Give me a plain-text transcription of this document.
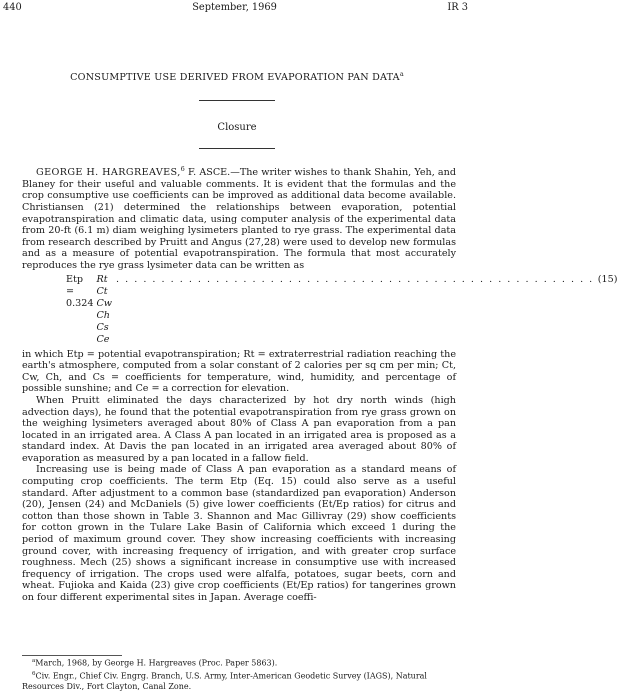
440	September, 1969	IR 3
CONSUMPTIVE USE DERIVED FROM EVAPORATION PAN DATA$^a$
Closure

GEORGE H. HARGREAVES,$^6$ F. ASCE.—The writer wishes to thank Shahin, Yeh, and Blaney for their useful and valuable comments. It is evident that the formulas and the crop consumptive use coefficients can be improved as additional data become available. Christiansen (21) determined the relationships between evaporation, potential evapotranspiration and climatic data, using computer analysis of the experimental data from 20-ft (6.1 m) diam weighing lysimeters planted to rye grass. The experimental data from research described by Pruitt and Angus (27,28) were used to develop new formulas and as a measure of potential evapotranspiration. The formula that most accurately reproduces the rye grass lysimeter data can be written as

Etp = 0.324
Rt Ct Cw Ch Cs Ce
. . . . . . . . . . . . . . . . . . . . . . . . . . . . . . . . . . . . . . . . . . . . . . . . . . . . . (15)

in which Etp = potential evapotranspiration; Rt = extraterrestrial radiation reaching the earth's atmosphere, computed from a solar constant of 2 calories per sq cm per min; Ct, Cw, Ch, and Cs = coefficients for temperature, wind, humidity, and percentage of possible sunshine; and Ce = a correction for elevation.

When Pruitt eliminated the days characterized by hot dry north winds (high advection days), he found that the potential evapotranspiration from rye grass grown on the weighing lysimeters averaged about 80% of Class A pan evaporation from a pan located in an irrigated area. A Class A pan located in an irrigated area is proposed as a standard index. At Davis the pan located in an irrigated area averaged about 80% of evaporation as measured by a pan located in a fallow field.

Increasing use is being made of Class A pan evaporation as a standard means of computing crop coefficients. The term Etp (Eq. 15) could also serve as a useful standard. After adjustment to a common base (standardized pan evaporation) Anderson (20), Jensen (24) and McDaniels (5) give lower coefficients (Et/Ep ratios) for citrus and cotton than those shown in Table 3. Shannon and Mac Gillivray (29) show coefficients for cotton grown in the Tulare Lake Basin of California which exceed 1 during the period of maximum ground cover. They show increasing coefficients with increasing ground cover, with increasing frequency of irrigation, and with greater crop surface roughness. Mech (25) shows a significant increase in consumptive use with increased frequency of irrigation. The crops used were alfalfa, potatoes, sugar beets, corn and wheat. Fujioka and Kaida (23) give crop coefficients (Et/Ep ratios) for tangerines grown on four different experimental sites in Japan. Average coeffi-

$^a$March, 1968, by George H. Hargreaves (Proc. Paper 5863).

$^6$Civ. Engr., Chief Civ. Engrg. Branch, U.S. Army, Inter-American Geodetic Survey (IAGS), Natural Resources Div., Fort Clayton, Canal Zone.
